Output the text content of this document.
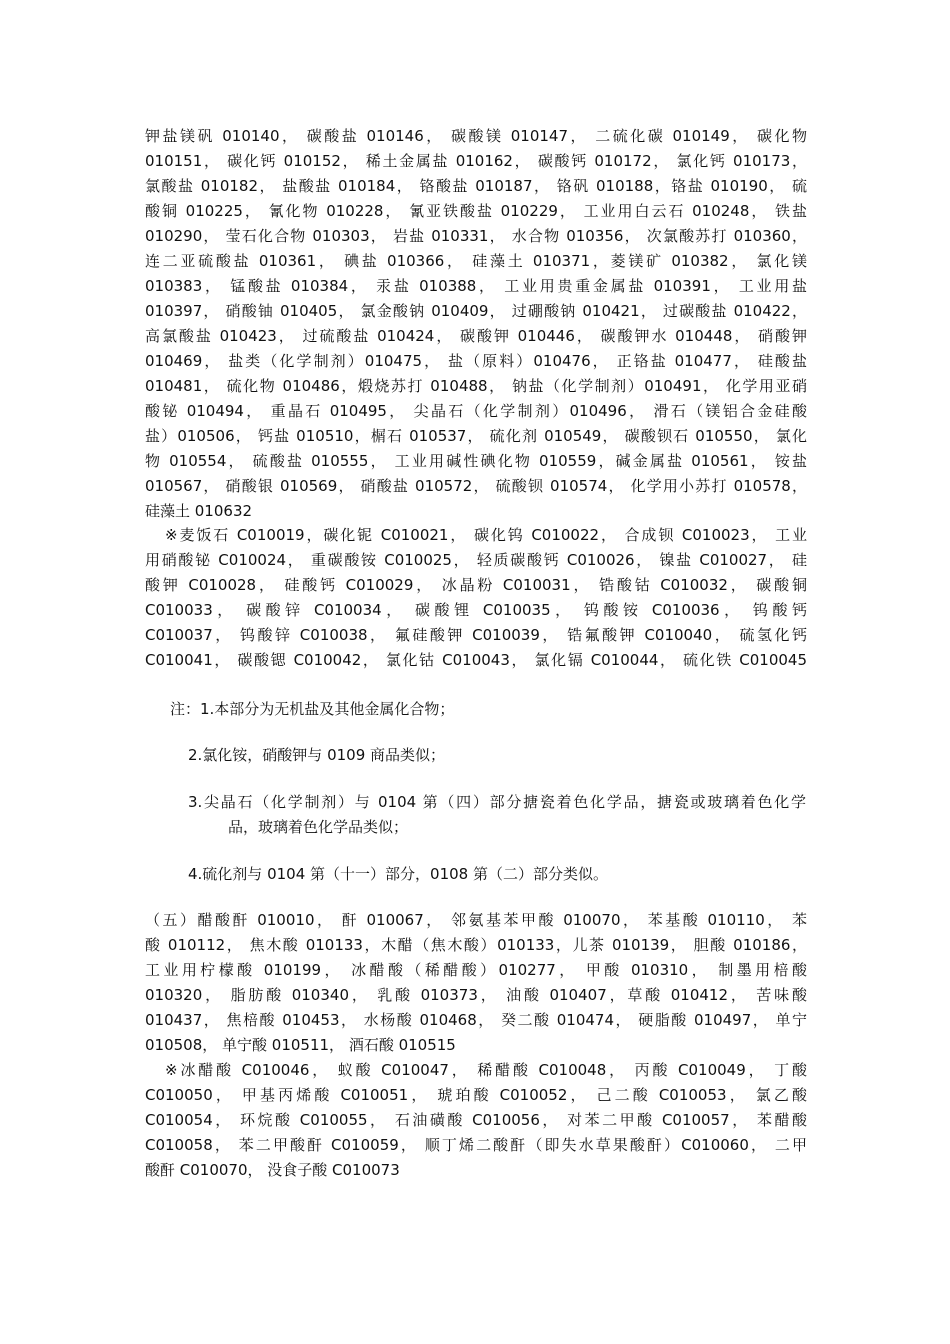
钾盐镁矾 010140， 碳酸盐 010146， 碳酸镁 010147， 二硫化碳 010149， 碳化物
010151， 碳化钙 010152， 稀土金属盐 010162， 碳酸钙 010172， 氯化钙 010173，
氯酸盐 010182， 盐酸盐 010184， 铬酸盐 010187， 铬矾 010188，铬盐 010190， 硫
酸铜 010225， 氰化物 010228， 氰亚铁酸盐 010229， 工业用白云石 010248， 铁盐
010290， 莹石化合物 010303， 岩盐 010331， 水合物 010356， 次氯酸苏打 010360，
连二亚硫酸盐 010361， 碘盐 010366， 硅藻土 010371，菱镁矿 010382， 氯化镁
010383， 锰酸盐 010384， 汞盐 010388， 工业用贵重金属盐 010391， 工业用盐
010397， 硝酸铀 010405， 氯金酸钠 010409， 过硼酸钠 010421， 过碳酸盐 010422，
高氯酸盐 010423， 过硫酸盐 010424， 碳酸钾 010446， 碳酸钾水 010448， 硝酸钾
010469， 盐类（化学制剂）010475， 盐（原料）010476， 正铬盐 010477， 硅酸盐
010481， 硫化物 010486，煅烧苏打 010488， 钠盐（化学制剂）010491， 化学用亚硝
酸铋 010494， 重晶石 010495， 尖晶石（化学制剂）010496， 滑石（镁铝合金硅酸
盐）010506， 钙盐 010510，榍石 010537， 硫化剂 010549， 碳酸钡石 010550， 氯化
物 010554， 硫酸盐 010555， 工业用碱性碘化物 010559，碱金属盐 010561， 铵盐
010567， 硝酸银 010569， 硝酸盐 010572， 硫酸钡 010574， 化学用小苏打 010578，
硅藻土 010632
※麦饭石 C010019，碳化铌 C010021， 碳化钨 C010022， 合成钡 C010023， 工业
用硝酸铋 C010024， 重碳酸铵 C010025， 轻质碳酸钙 C010026， 镍盐 C010027， 硅
酸钾 C010028， 硅酸钙 C010029， 冰晶粉 C010031， 锆酸钴 C010032， 碳酸铜
C010033， 碳酸锌 C010034， 碳酸锂 C010035， 钨酸铵 C010036， 钨酸钙
C010037， 钨酸锌 C010038， 氟硅酸钾 C010039， 锆氟酸钾 C010040， 硫氢化钙
C010041， 碳酸锶 C010042， 氯化钴 C010043， 氯化镉 C010044， 硫化铁 C010045
注：1.本部分为无机盐及其他金属化合物；
2.氯化铵，硝酸钾与 0109 商品类似；
3.尖晶石（化学制剂）与 0104 第（四）部分搪瓷着色化学品，搪瓷或玻璃着色化学
品，玻璃着色化学品类似；
4.硫化剂与 0104 第（十一）部分，0108 第（二）部分类似。
（五）醋酸酐 010010， 酐 010067， 邻氨基苯甲酸 010070， 苯基酸 010110， 苯
酸 010112， 焦木酸 010133，木醋（焦木酸）010133，儿茶 010139， 胆酸 010186，
工业用柠檬酸 010199， 冰醋酸（稀醋酸）010277， 甲酸 010310， 制墨用棓酸
010320， 脂肪酸 010340， 乳酸 010373， 油酸 010407，草酸 010412， 苦味酸
010437， 焦棓酸 010453， 水杨酸 010468， 癸二酸 010474， 硬脂酸 010497， 单宁
010508， 单宁酸 010511， 酒石酸 010515
※冰醋酸 C010046， 蚁酸 C010047， 稀醋酸 C010048， 丙酸 C010049， 丁酸
C010050， 甲基丙烯酸 C010051， 琥珀酸 C010052， 己二酸 C010053， 氯乙酸
C010054， 环烷酸 C010055， 石油磺酸 C010056， 对苯二甲酸 C010057， 苯醋酸
C010058， 苯二甲酸酐 C010059， 顺丁烯二酸酐（即失水草果酸酐）C010060， 二甲
酸酐 C010070， 没食子酸 C010073
